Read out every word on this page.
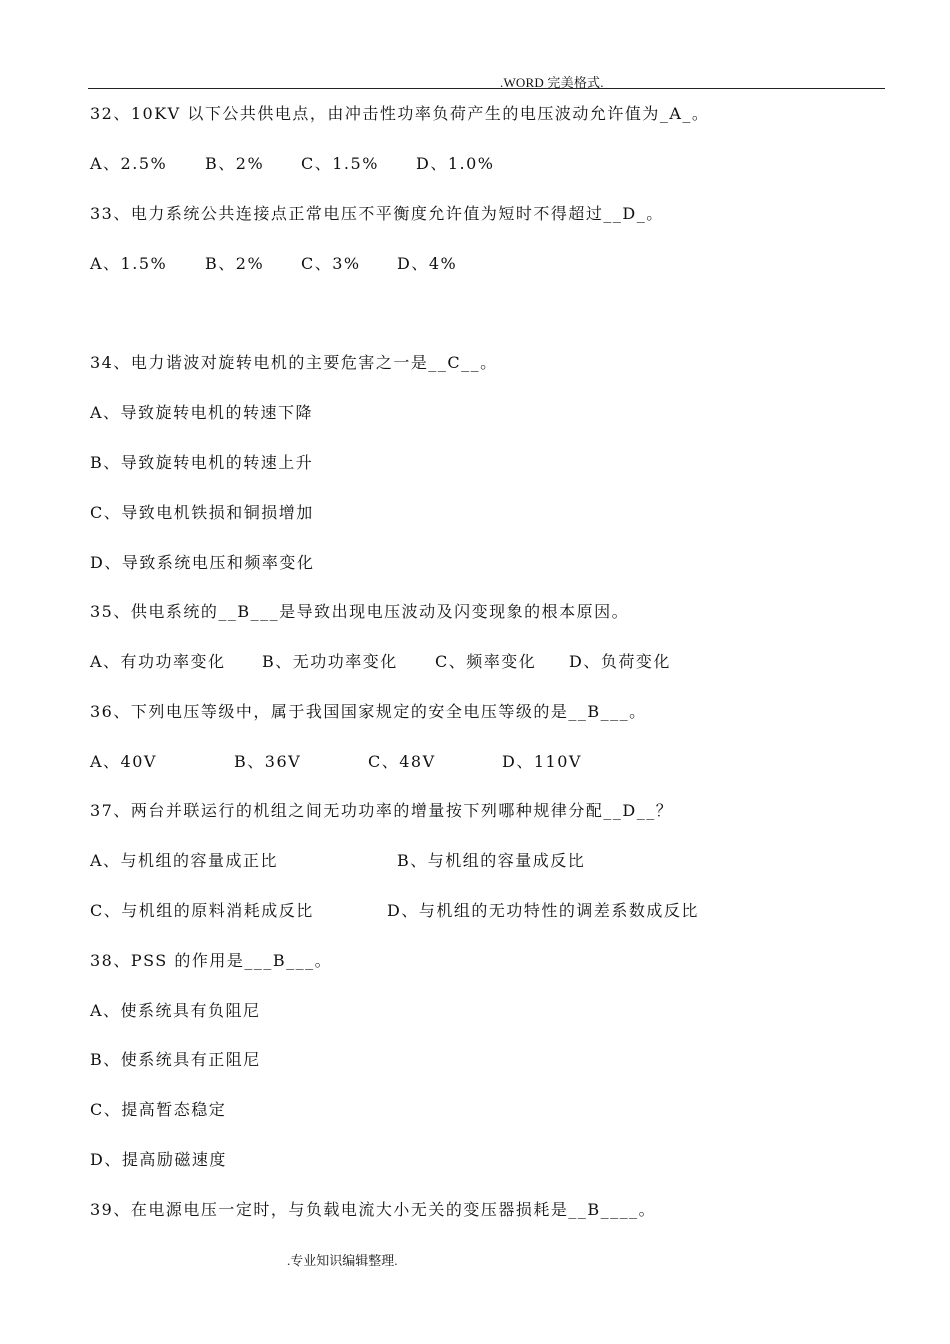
.WORD 完美格式.
32、10KV 以下公共供电点，由冲击性功率负荷产生的电压波动允许值为_A_。
A、2.5% B、2% C、1.5% D、1.0%
33、电力系统公共连接点正常电压不平衡度允许值为短时不得超过__D_。
A、1.5% B、2% C、3% D、4%
34、电力谐波对旋转电机的主要危害之一是__C__。
A、导致旋转电机的转速下降
B、导致旋转电机的转速上升
C、导致电机铁损和铜损增加
D、导致系统电压和频率变化
35、供电系统的__B___是导致出现电压波动及闪变现象的根本原因。
A、有功功率变化 B、无功功率变化 C、频率变化 D、负荷变化
36、下列电压等级中，属于我国国家规定的安全电压等级的是__B___。
A、40V	B、36V	C、48V	D、110V
37、两台并联运行的机组之间无功功率的增量按下列哪种规律分配__D__？
A、与机组的容量成正比	B、与机组的容量成反比
C、与机组的原料消耗成反比	D、与机组的无功特性的调差系数成反比
38、PSS 的作用是___B___。
A、使系统具有负阻尼
B、使系统具有正阻尼
C、提高暂态稳定
D、提高励磁速度
39、在电源电压一定时，与负载电流大小无关的变压器损耗是__B____。
.专业知识编辑整理.
